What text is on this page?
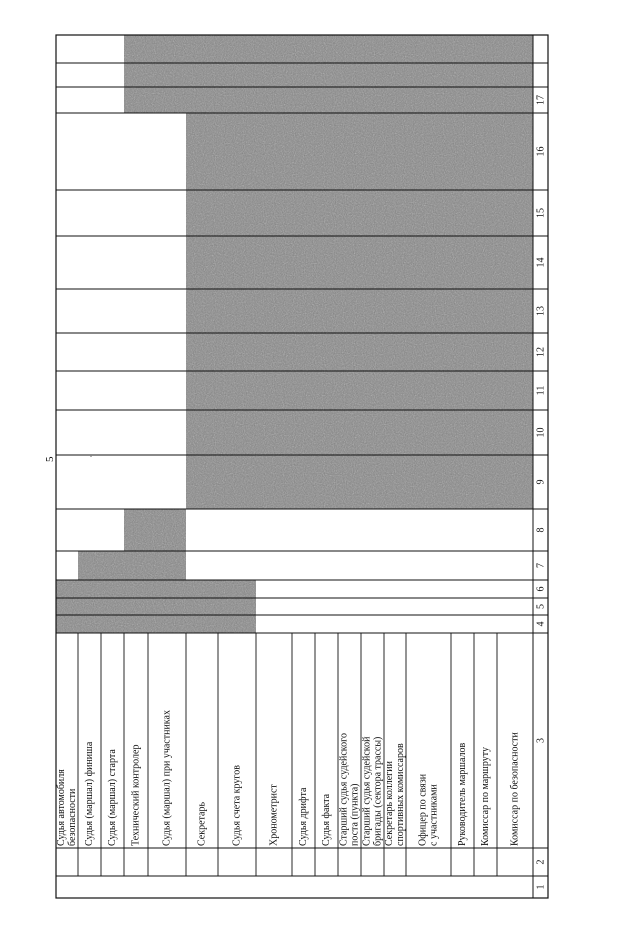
5
1
2
3
4
5
6
7
8
9
10
11
12
13
14
15
16
17
Комиссар по безопасности
Комиссар по маршруту
Руководитель маршалов
Офицер по связи с участниками
Секретарь коллегии спортивных комиссаров
Старший судья судейской бригады (сектора трассы)
Старший судья судейского поста (пункта)
Судья факта
Судья дрифта
Хронометрист
Судья счета кругов
Секретарь
Судья (маршал) при участниках
Технический контролер
Судья (маршал) старта
Судья (маршал) финиша
Судья автомобиля безопасности
